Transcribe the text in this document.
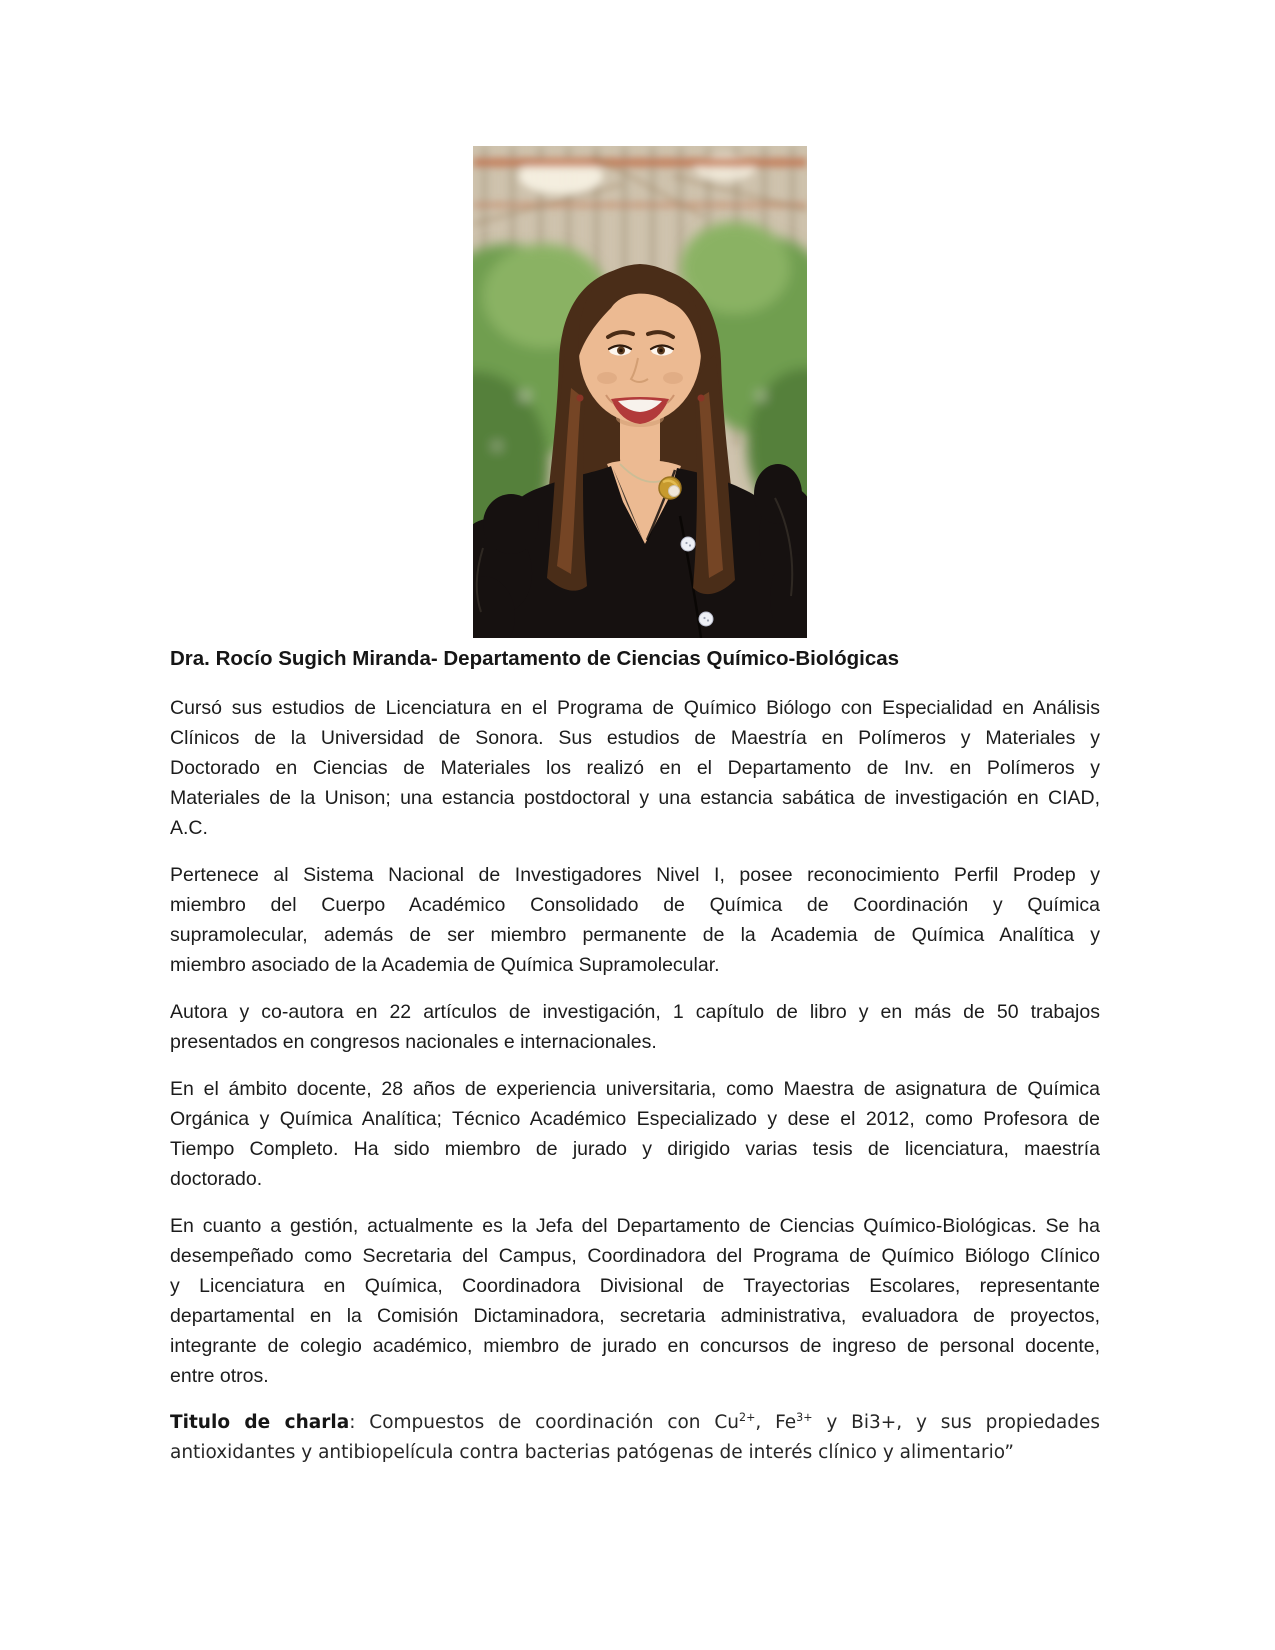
Dra. Rocío Sugich Miranda- Departamento de Ciencias Químico-Biológicas

Cursó sus estudios de Licenciatura en el Programa de Químico Biólogo con Especialidad en Análisis
Clínicos de la Universidad de Sonora. Sus estudios de Maestría en Polímeros y Materiales y
Doctorado en Ciencias de Materiales los realizó en el Departamento de Inv. en Polímeros y
Materiales de la Unison; una estancia postdoctoral y una estancia sabática de investigación en CIAD,
A.C.
Pertenece al Sistema Nacional de Investigadores Nivel I, posee reconocimiento Perfil Prodep y
miembro del Cuerpo Académico Consolidado de Química de Coordinación y Química
supramolecular, además de ser miembro permanente de la Academia de Química Analítica y
miembro asociado de la Academia de Química Supramolecular.
Autora y co-autora en 22 artículos de investigación, 1 capítulo de libro y en más de 50 trabajos
presentados en congresos nacionales e internacionales.
En el ámbito docente, 28 años de experiencia universitaria, como Maestra de asignatura de Química
Orgánica y Química Analítica; Técnico Académico Especializado y dese el 2012, como Profesora de
Tiempo Completo. Ha sido miembro de jurado y dirigido varias tesis de licenciatura, maestría
doctorado.
En cuanto a gestión, actualmente es la Jefa del Departamento de Ciencias Químico-Biológicas. Se ha
desempeñado como Secretaria del Campus, Coordinadora del Programa de Químico Biólogo Clínico
y Licenciatura en Química, Coordinadora Divisional de Trayectorias Escolares, representante
departamental en la Comisión Dictaminadora, secretaria administrativa, evaluadora de proyectos,
integrante de colegio académico, miembro de jurado en concursos de ingreso de personal docente,
entre otros.
Titulo de charla: Compuestos de coordinación con $Cu^{2+}$, $Fe^{3+}$ y Bi3+, y sus propiedades
antioxidantes y antibiopelícula contra bacterias patógenas de interés clínico y alimentario”
